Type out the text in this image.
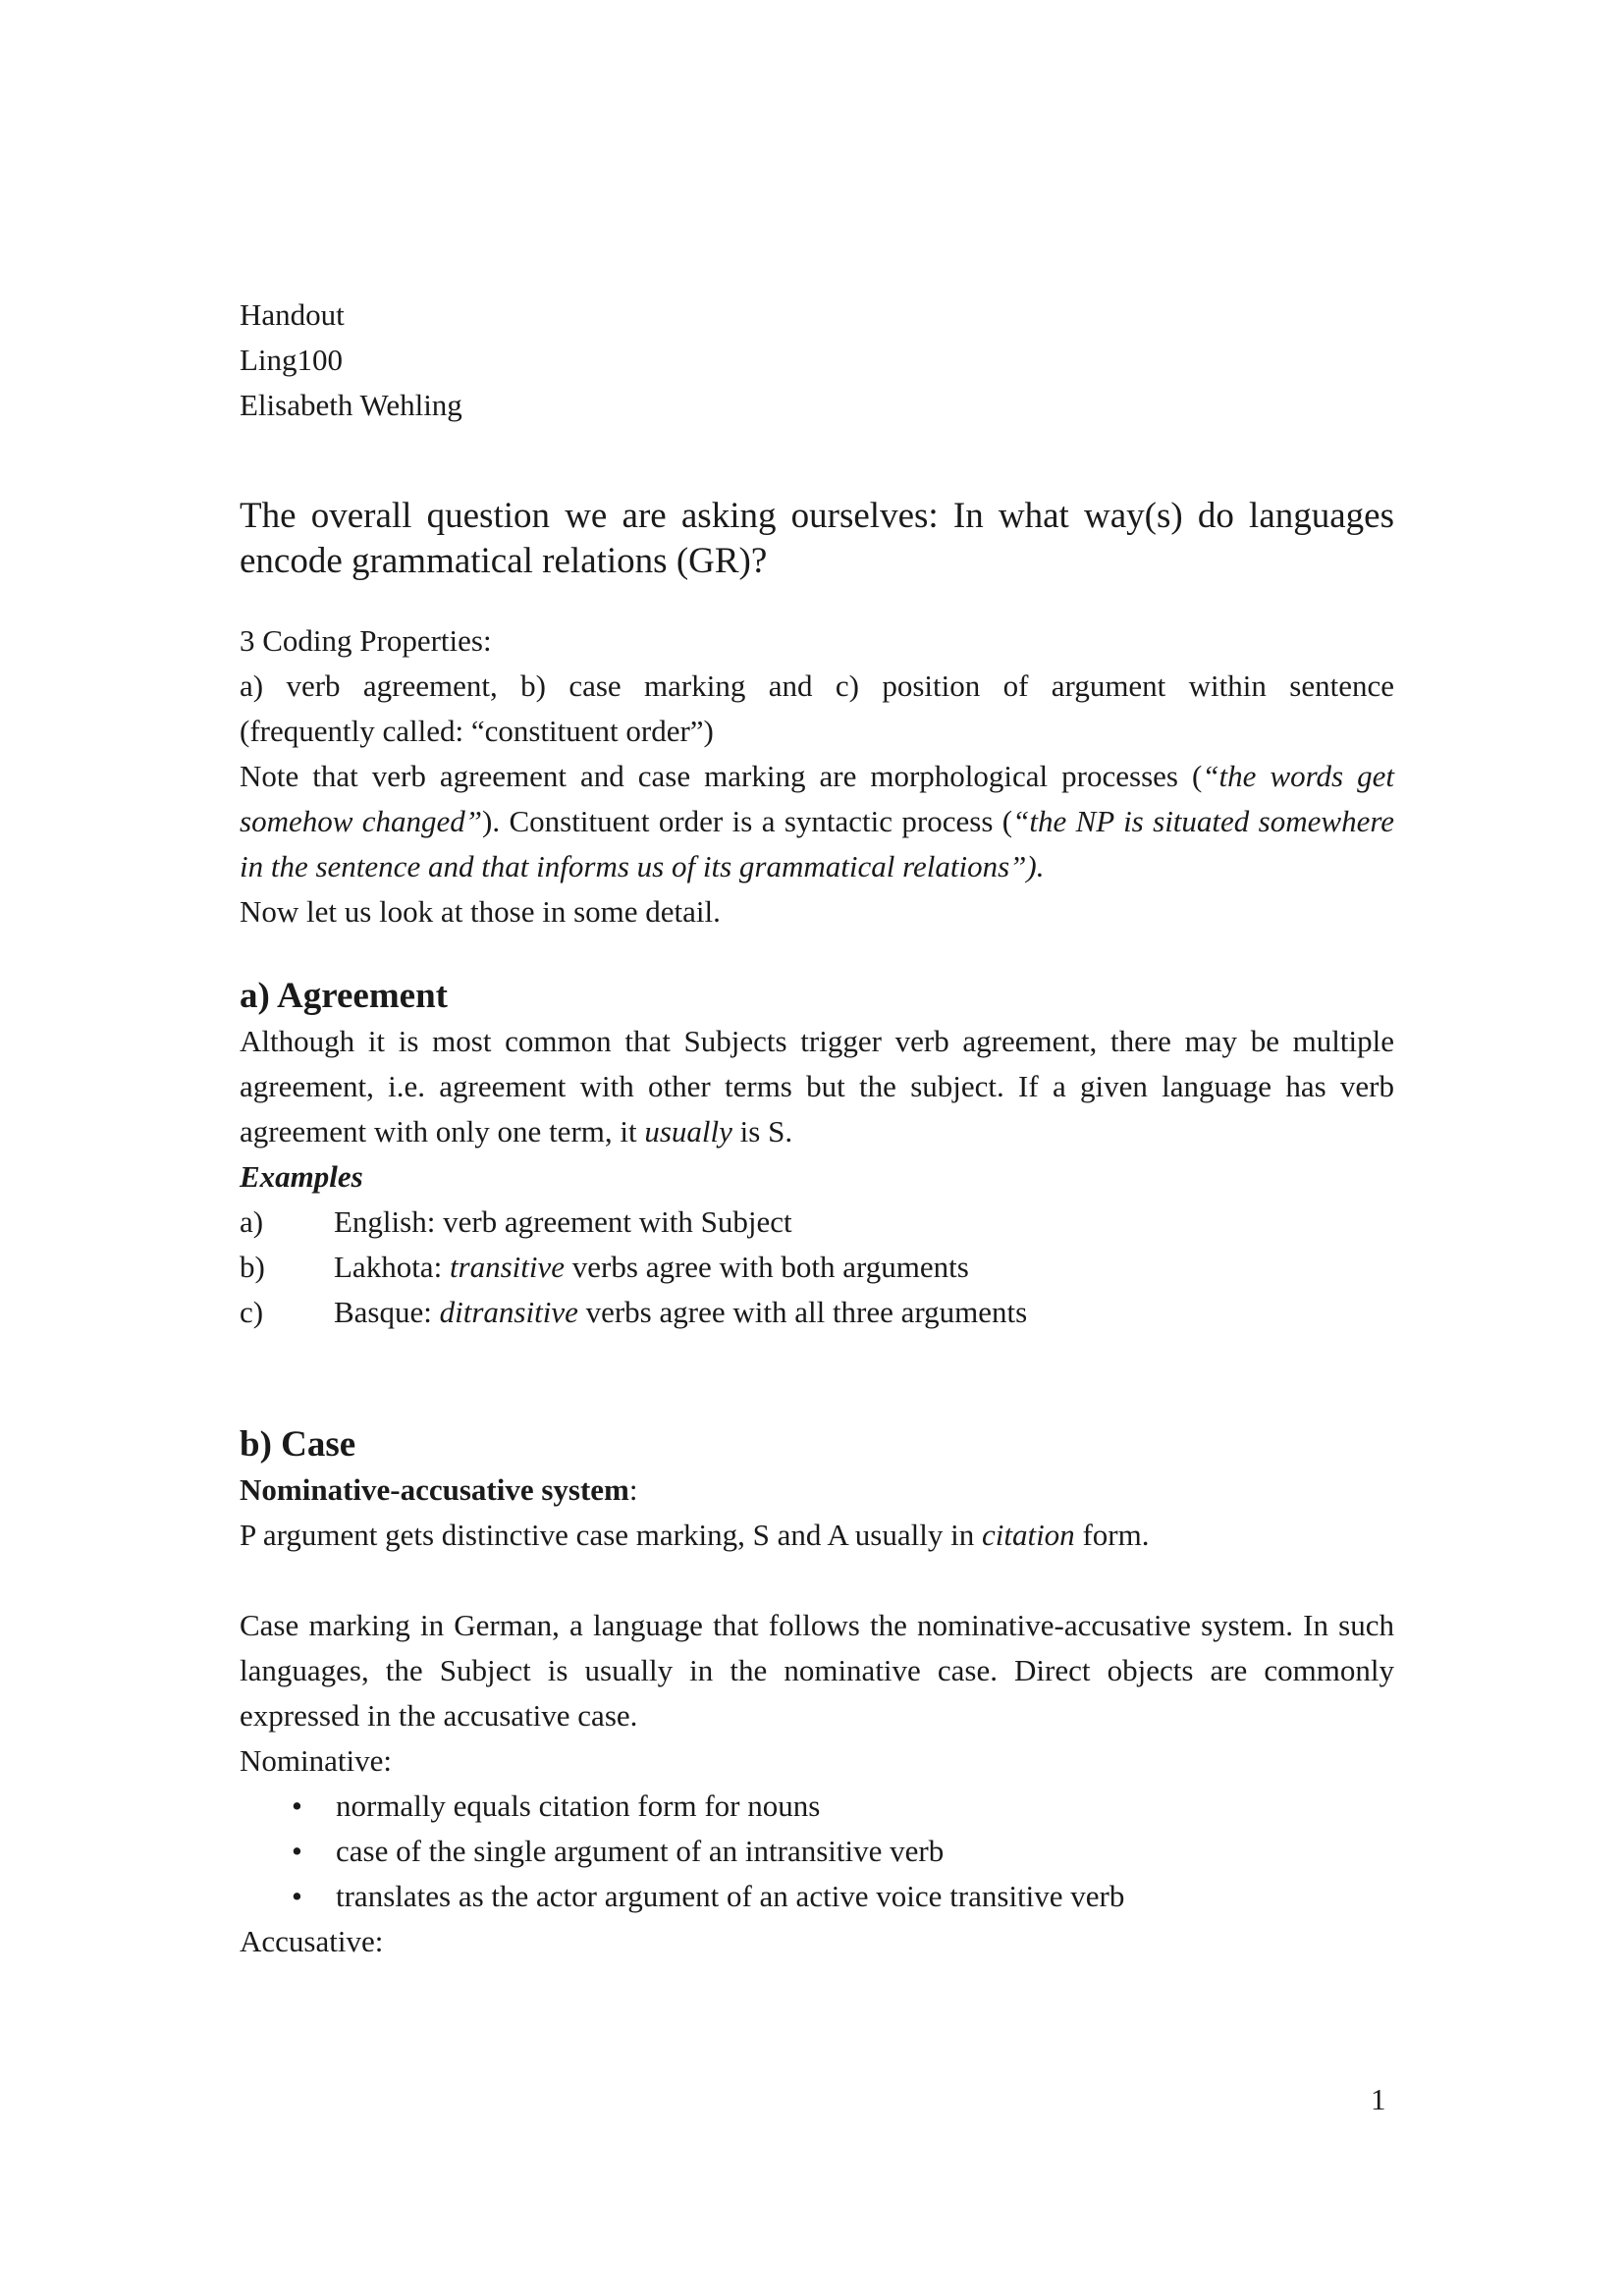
Handout
Ling100
Elisabeth Wehling
The overall question we are asking ourselves: In what way(s) do languages encode grammatical relations (GR)?
3 Coding Properties:
a) verb agreement, b) case marking and c) position of argument within sentence
(frequently called: “constituent order”)
Note that verb agreement and case marking are morphological processes (“the words get somehow changed”). Constituent order is a syntactic process (“the NP is situated somewhere in the sentence and that informs us of its grammatical relations”).
Now let us look at those in some detail.
a) Agreement
Although it is most common that Subjects trigger verb agreement, there may be multiple agreement, i.e. agreement with other terms but the subject. If a given language has verb agreement with only one term, it usually is S.
Examples
a)	English: verb agreement with Subject
b)	Lakhota: transitive verbs agree with both arguments
c)	Basque: ditransitive verbs agree with all three arguments
b) Case
Nominative-accusative system:
P argument gets distinctive case marking, S and A usually in citation form.
Case marking in German, a language that follows the nominative-accusative system. In such languages, the Subject is usually in the nominative case. Direct objects are commonly expressed in the accusative case.
Nominative:
• normally equals citation form for nouns
• case of the single argument of an intransitive verb
• translates as the actor argument of an active voice transitive verb
Accusative:
1
